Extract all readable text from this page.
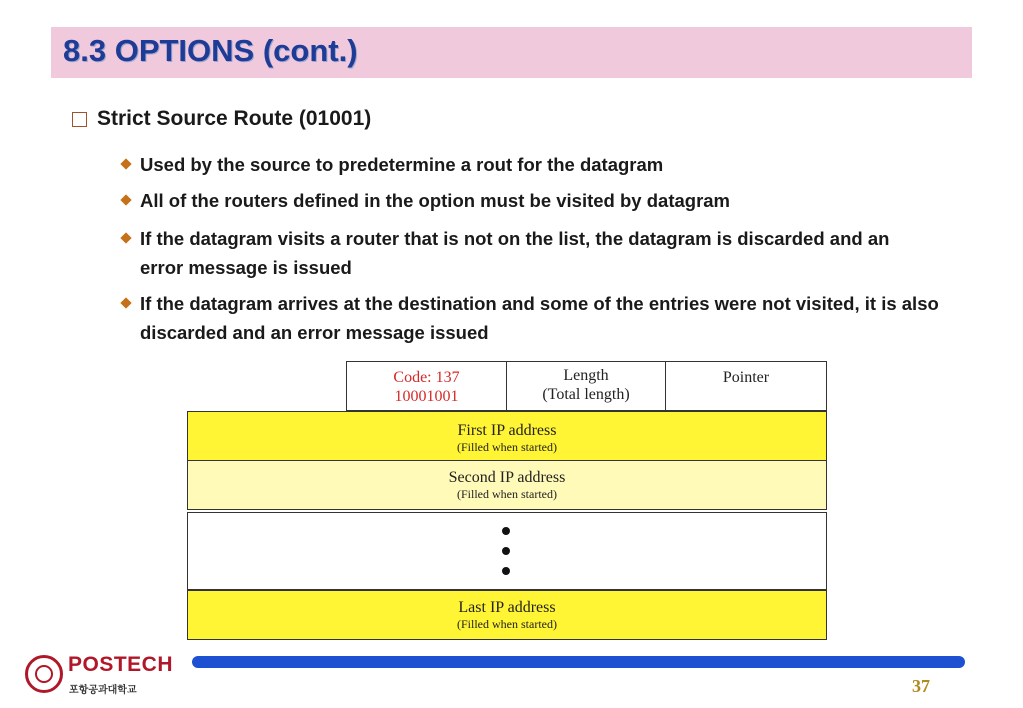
8.3 OPTIONS (cont.)
Strict Source Route (01001)
Used by the source to predetermine a rout for the datagram
All of the routers defined in the option must be visited by datagram
If the datagram visits a router that is not on the list, the datagram is discarded and an error message is issued
If the datagram arrives at the destination and some of the entries were not visited, it is also discarded and an error message issued
Code: 137
10001001
Length
(Total length)
Pointer
First IP address
(Filled when started)
Second IP address
(Filled when started)
Last IP address
(Filled when started)
POSTECH
포항공과대학교	37
